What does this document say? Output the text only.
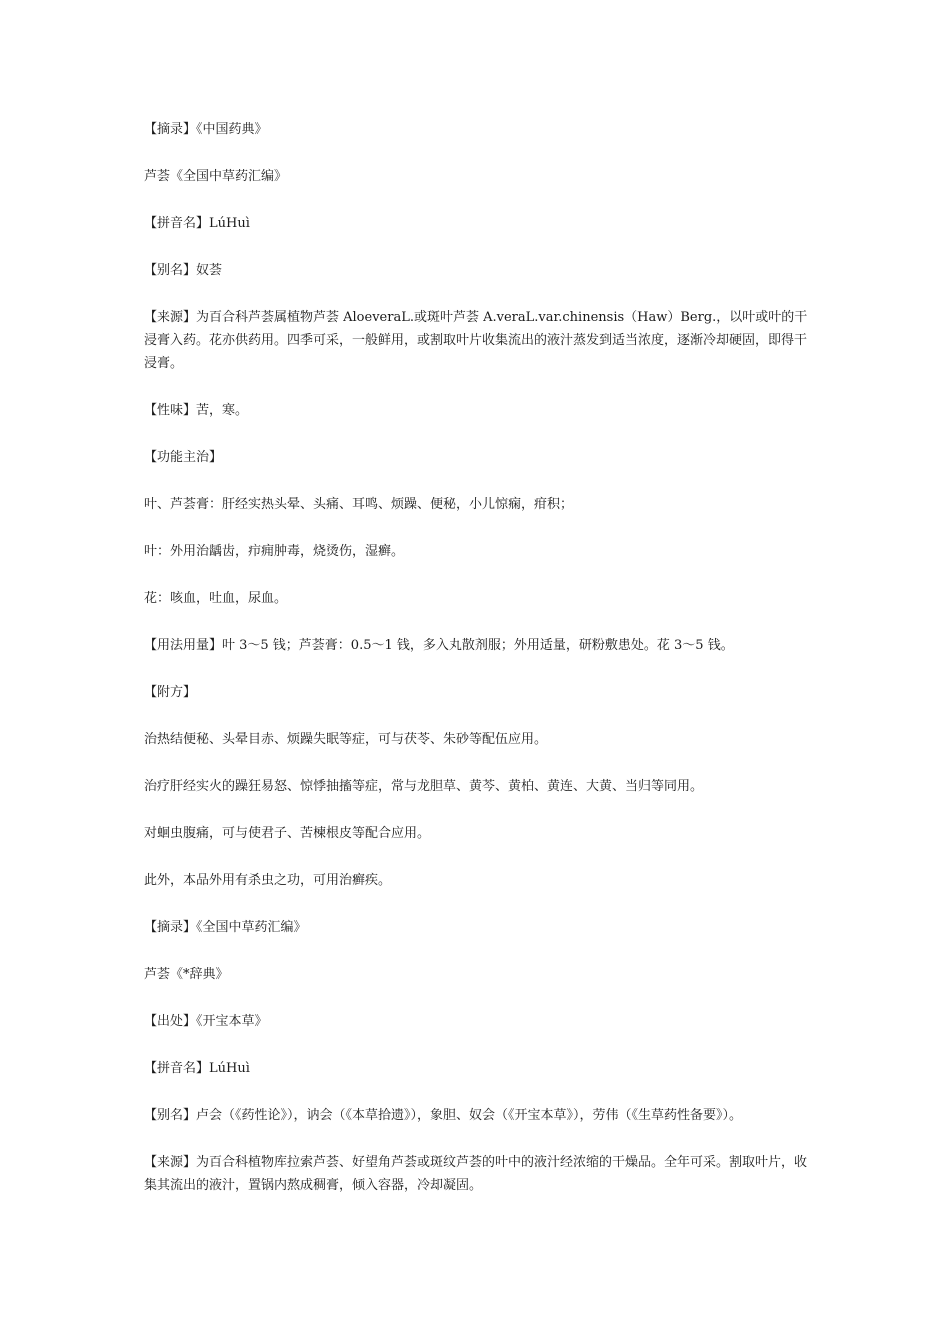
【摘录】《中国药典》

芦荟《全国中草药汇编》

【拼音名】LúHuì

【别名】奴荟

【来源】为百合科芦荟属植物芦荟 AloeveraL.或斑叶芦荟 A.veraL.var.chinensis（Haw）Berg.，以叶或叶的干浸膏入药。花亦供药用。四季可采，一般鲜用，或割取叶片收集流出的液汁蒸发到适当浓度，逐渐冷却硬固，即得干浸膏。

【性味】苦，寒。

【功能主治】

叶、芦荟膏：肝经实热头晕、头痛、耳鸣、烦躁、便秘，小儿惊痫，疳积；

叶：外用治龋齿，疖痈肿毒，烧烫伤，湿癣。

花：咳血，吐血，尿血。

【用法用量】叶 3～5 钱；芦荟膏：0.5～1 钱，多入丸散剂服；外用适量，研粉敷患处。花 3～5 钱。

【附方】

治热结便秘、头晕目赤、烦躁失眠等症，可与茯苓、朱砂等配伍应用。

治疗肝经实火的躁狂易怒、惊悸抽搐等症，常与龙胆草、黄芩、黄柏、黄连、大黄、当归等同用。

对蛔虫腹痛，可与使君子、苦楝根皮等配合应用。

此外，本品外用有杀虫之功，可用治癣疾。

【摘录】《全国中草药汇编》

芦荟《*辞典》

【出处】《开宝本草》

【拼音名】LúHuì

【别名】卢会（《药性论》），讷会（《本草拾遗》），象胆、奴会（《开宝本草》），劳伟（《生草药性备要》）。

【来源】为百合科植物库拉索芦荟、好望角芦荟或斑纹芦荟的叶中的液汁经浓缩的干燥品。全年可采。割取叶片，收集其流出的液汁，置锅内熬成稠膏，倾入容器，冷却凝固。
